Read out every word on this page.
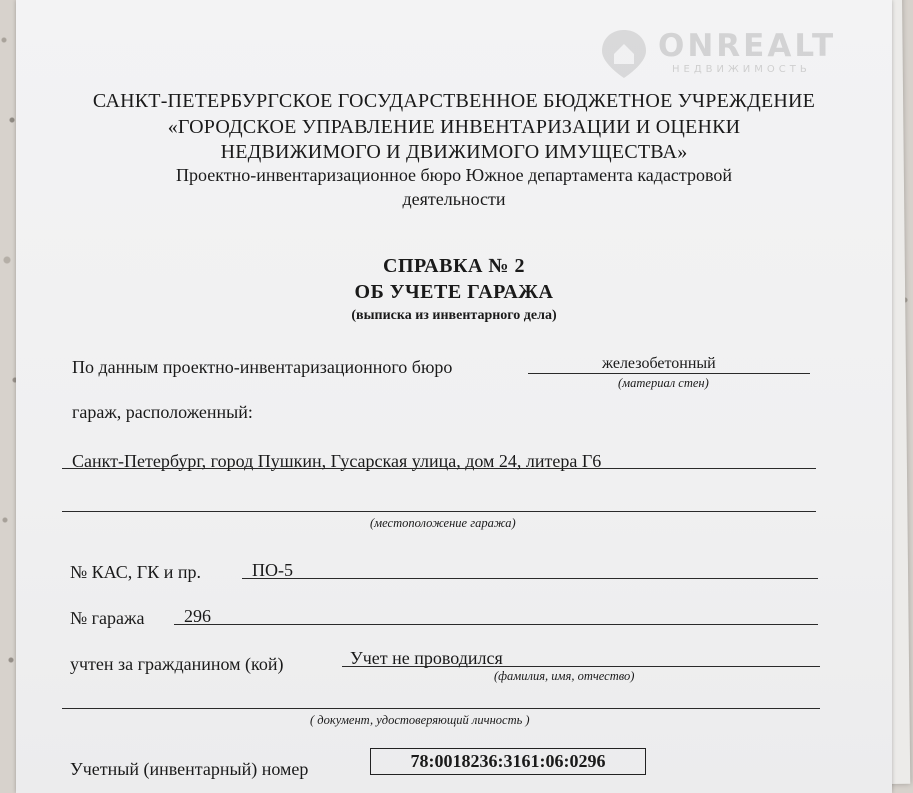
ONREALT
НЕДВИЖИМОСТЬ
САНКТ-ПЕТЕРБУРГСКОЕ ГОСУДАРСТВЕННОЕ БЮДЖЕТНОЕ УЧРЕЖДЕНИЕ
«ГОРОДСКОЕ УПРАВЛЕНИЕ ИНВЕНТАРИЗАЦИИ И ОЦЕНКИ
НЕДВИЖИМОГО И ДВИЖИМОГО ИМУЩЕСТВА»
Проектно-инвентаризационное бюро Южное департамента кадастровой
деятельности
СПРАВКА № 2
ОБ УЧЕТЕ ГАРАЖА
(выписка из инвентарного дела)
По данным проектно-инвентаризационного бюро	железобетонный
(материал стен)
гараж, расположенный:
Санкт-Петербург, город Пушкин, Гусарская улица, дом 24, литера Г6
(местоположение гаража)
№ КАС, ГК и пр.	ПО-5
№ гаража 296
учтен за гражданином (кой)	Учет не проводился
(фамилия, имя, отчество)
( документ, удостоверяющий личность )
Учетный (инвентарный) номер	78:0018236:3161:06:0296
